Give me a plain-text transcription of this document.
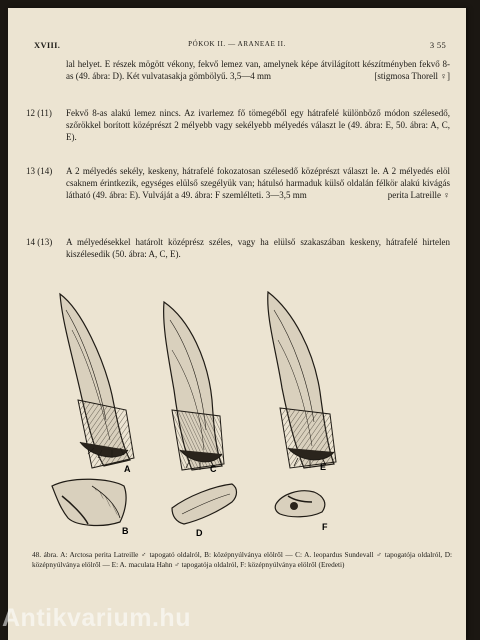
XVIII.	PÓKOK II. — ARANEAE II.	3 55
lal helyet. E részek mögött vékony, fekvő lemez van, amelynek képe átvilágított készítményben fekvő 8-as (49. ábra: D). Két vulvatasakja gömbölyű. 3,5—4 mm	[stigmosa Thorell ♀]
12 (11)	Fekvő 8-as alakú lemez nincs. Az ivarlemez fő tömegéből egy hátrafelé különböző módon szélesedő, szőrökkel borított középrészt 2 mélyebb vagy sekélyebb mélyedés választ le (49. ábra: E, 50. ábra: A, C, E).
13 (14)	A 2 mélyedés sekély, keskeny, hátrafelé fokozatosan szélesedő középrészt választ le. A 2 mélyedés elöl csaknem érintkezik, egységes elülső szegélyük van; hátulsó harmaduk külső oldalán félkör alakú kivágás látható (49. ábra: E). Vulváját a 49. ábra: F szemlélteti. 3—3,5 mm	perita Latreille ♀
14 (13)	A mélyedésekkel határolt középrész széles, vagy ha elülső szakaszában keskeny, hátrafelé hirtelen kiszélesedik (50. ábra: A, C, E).
A	C	E
B	D
F
48. ábra. A: Arctosa perita Latreille ♂ tapogató oldalról, B: középnyúlványa elölről — C: A. leopardus Sundevall ♂ tapogatója oldalról, D: középnyúlványa elölről — E: A. maculata Hahn ♂ tapogatója oldalról, F: középnyúlványa elölről (Eredeti)
Antikvarium.hu
